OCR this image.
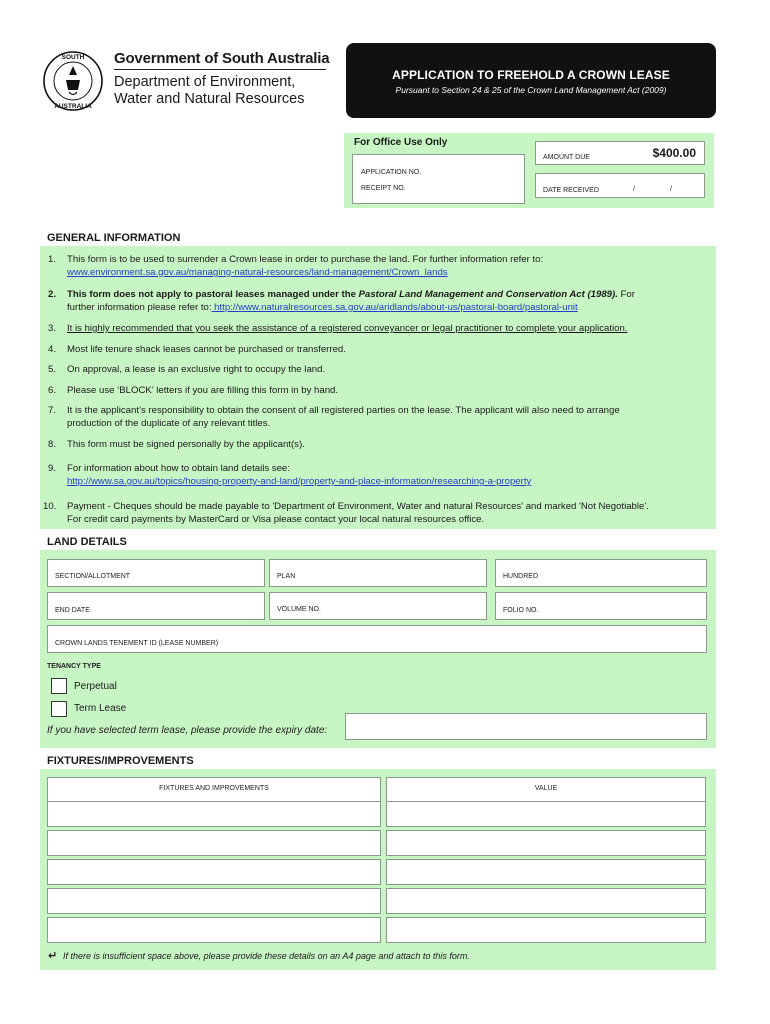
SOUTH
AUSTRALIA
Government of South Australia
Department of Environment,
Water and Natural Resources
APPLICATION TO FREEHOLD A CROWN LEASE
Pursuant to Section 24 & 25 of the Crown Land Management Act (2009)
For Office Use Only
APPLICATION NO.
RECEIPT NO.
AMOUNT DUE	$400.00
DATE RECEIVED	/	/
GENERAL INFORMATION
1.	This form is to be used to surrender a Crown lease in order to purchase the land. For further information refer to:
www.environment.sa.gov.au/managing-natural-resources/land-management/Crown_lands
2.	This form does not apply to pastoral leases managed under the Pastoral Land Management and Conservation Act (1989). For
further information please refer to: http://www.naturalresources.sa.gov.au/aridlands/about-us/pastoral-board/pastoral-unit
3.	It is highly recommended that you seek the assistance of a registered conveyancer or legal practitioner to complete your application.
4.	Most life tenure shack leases cannot be purchased or transferred.
5.	On approval, a lease is an exclusive right to occupy the land.
6.	Please use ‘BLOCK’ letters if you are filling this form in by hand.
7.	It is the applicant’s responsibility to obtain the consent of all registered parties on the lease. The applicant will also need to arrange
production of the duplicate of any relevant titles.
8.	This form must be signed personally by the applicant(s).
9.	For information about how to obtain land details see:
http://www.sa.gov.au/topics/housing-property-and-land/property-and-place-information/researching-a-property
10.	Payment - Cheques should be made payable to 'Department of Environment, Water and natural Resources' and marked 'Not Negotiable'.
For credit card payments by MasterCard or Visa please contact your local natural resources office.
LAND DETAILS
SECTION/ALLOTMENT	PLAN	HUNDRED
END DATE	VOLUME NO.	FOLIO NO.
CROWN LANDS TENEMENT ID (LEASE NUMBER)
TENANCY TYPE
Perpetual
Term Lease
If you have selected term lease, please provide the expiry date:
FIXTURES/IMPROVEMENTS
FIXTURES AND IMPROVEMENTS	VALUE
↵ If there is insufficient space above, please provide these details on an A4 page and attach to this form.
